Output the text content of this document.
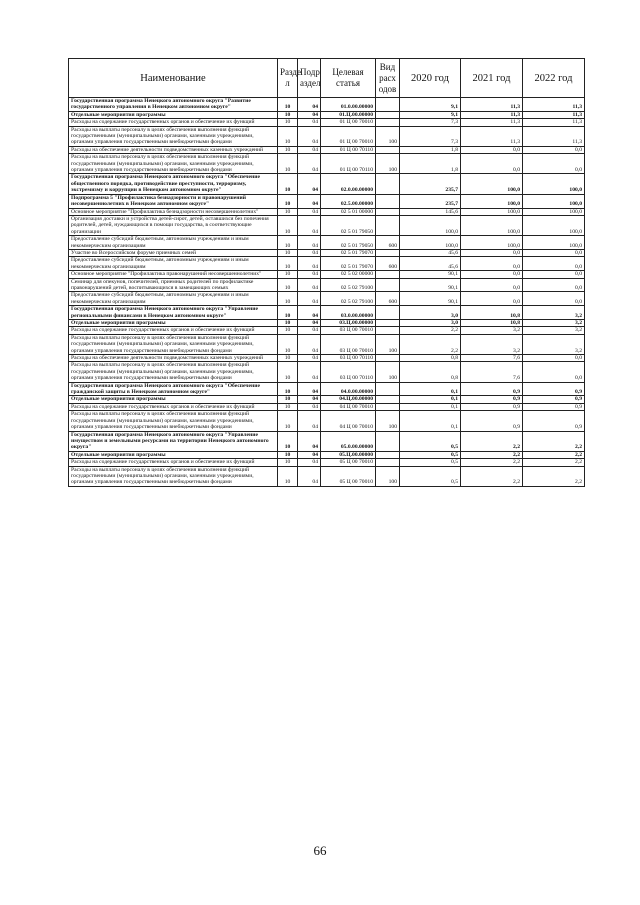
Наименование	Разде л	Подр аздел	Целевая статья	Вид расх одов	2020 год	2021 год	2022 год
Государственная программа Ненецкого автономного округа "Развитие государственного управления в Ненецком автономном округе"	10	04	01.0.00.00000		9,1	11,3	11,3
Отдельные мероприятия программы	10	04	01.Ц.00.00000		9,1	11,3	11,3
Расходы на содержание государственных органов и обеспечение их функций	10	04	01 Ц 00 70010		7,3	11,3	11,3
Расходы на выплаты персоналу в целях обеспечения выполнения функций государственными (муниципальными) органами, казенными учреждениями, органами управления государственными внебюджетными фондами	10	04	01 Ц 00 70010	100	7,3	11,3	11,3
Расходы на обеспечение деятельности подведомственных казенных учреждений	10	04	01 Ц 00 70110		1,8	0,0	0,0
Расходы на выплаты персоналу в целях обеспечения выполнения функций государственными (муниципальными) органами, казенными учреждениями, органами управления государственными внебюджетными фондами	10	04	01 Ц 00 70110	100	1,8	0,0	0,0
Государственная программа Ненецкого автономного округа "Обеспечение общественного порядка, противодействие преступности, терроризму, экстремизму и коррупции в Ненецком автономном округе"	10	04	02.0.00.00000		235,7	100,0	100,0
Подпрограмма 5 "Профилактика безнадзорности и правонарушений несовершеннолетних в Ненецком автономном округе"	10	04	02.5.00.00000		235,7	100,0	100,0
Основное мероприятие "Профилактика безнадзорности несовершеннолетних"	10	04	02 5 01 00000		145,6	100,0	100,0
Организация доставки и устройства детей-сирот, детей, оставшихся без попечения родителей, детей, нуждающихся в помощи государства, в соответствующие организации	10	04	02 5 01 79050		100,0	100,0	100,0
Предоставление субсидий бюджетным, автономным учреждениям и иным некоммерческим организациям	10	04	02 5 01 79050	600	100,0	100,0	100,0
Участие во Всероссийском форуме приемных семей	10	04	02 5 01 79070		45,6	0,0	0,0
Предоставление субсидий бюджетным, автономным учреждениям и иным некоммерческим организациям	10	04	02 5 01 79070	600	45,6	0,0	0,0
Основное мероприятие "Профилактика правонарушений несовершеннолетних"	10	04	02 5 02 00000		90,1	0,0	0,0
Семинар для опекунов, попечителей, приемных родителей по профилактике правонарушений детей, воспитывающихся в замещающих семьях	10	04	02 5 02 79100		90,1	0,0	0,0
Предоставление субсидий бюджетным, автономным учреждениям и иным некоммерческим организациям	10	04	02 5 02 79100	600	90,1	0,0	0,0
Государственная программа Ненецкого автономного округа "Управление региональными финансами в Ненецком автономном округе"	10	04	03.0.00.00000		3,0	10,8	3,2
Отдельные мероприятия программы	10	04	03.Ц.00.00000		3,0	10,8	3,2
Расходы на содержание государственных органов и обеспечение их функций	10	04	03 Ц 00 70010		2,2	3,2	3,2
Расходы на выплаты персоналу в целях обеспечения выполнения функций государственными (муниципальными) органами, казенными учреждениями, органами управления государственными внебюджетными фондами	10	04	03 Ц 00 70010	100	2,2	3,2	3,2
Расходы на обеспечение деятельности подведомственных казенных учреждений	10	04	03 Ц 00 70110		0,8	7,6	0,0
Расходы на выплаты персоналу в целях обеспечения выполнения функций государственными (муниципальными) органами, казенными учреждениями, органами управления государственными внебюджетными фондами	10	04	03 Ц 00 70110	100	0,8	7,6	0,0
Государственная программа Ненецкого автономного округа "Обеспечение гражданской защиты в Ненецком автономном округе"	10	04	04.0.00.00000		0,1	0,9	0,9
Отдельные мероприятия программы	10	04	04.Ц.00.00000		0,1	0,9	0,9
Расходы на содержание государственных органов и обеспечение их функций	10	04	04 Ц 00 70010		0,1	0,9	0,9
Расходы на выплаты персоналу в целях обеспечения выполнения функций государственными (муниципальными) органами, казенными учреждениями, органами управления государственными внебюджетными фондами	10	04	04 Ц 00 70010	100	0,1	0,9	0,9
Государственная программа Ненецкого автономного округа "Управление имуществом и земельными ресурсами на территории Ненецкого автономного округа"	10	04	05.0.00.00000		0,5	2,2	2,2
Отдельные мероприятия программы	10	04	05.Ц.00.00000		0,5	2,2	2,2
Расходы на содержание государственных органов и обеспечение их функций	10	04	05 Ц 00 70010		0,5	2,2	2,2
Расходы на выплаты персоналу в целях обеспечения выполнения функций государственными (муниципальными) органами, казенными учреждениями, органами управления государственными внебюджетными фондами	10	04	05 Ц 00 70010	100	0,5	2,2	2,2
66
